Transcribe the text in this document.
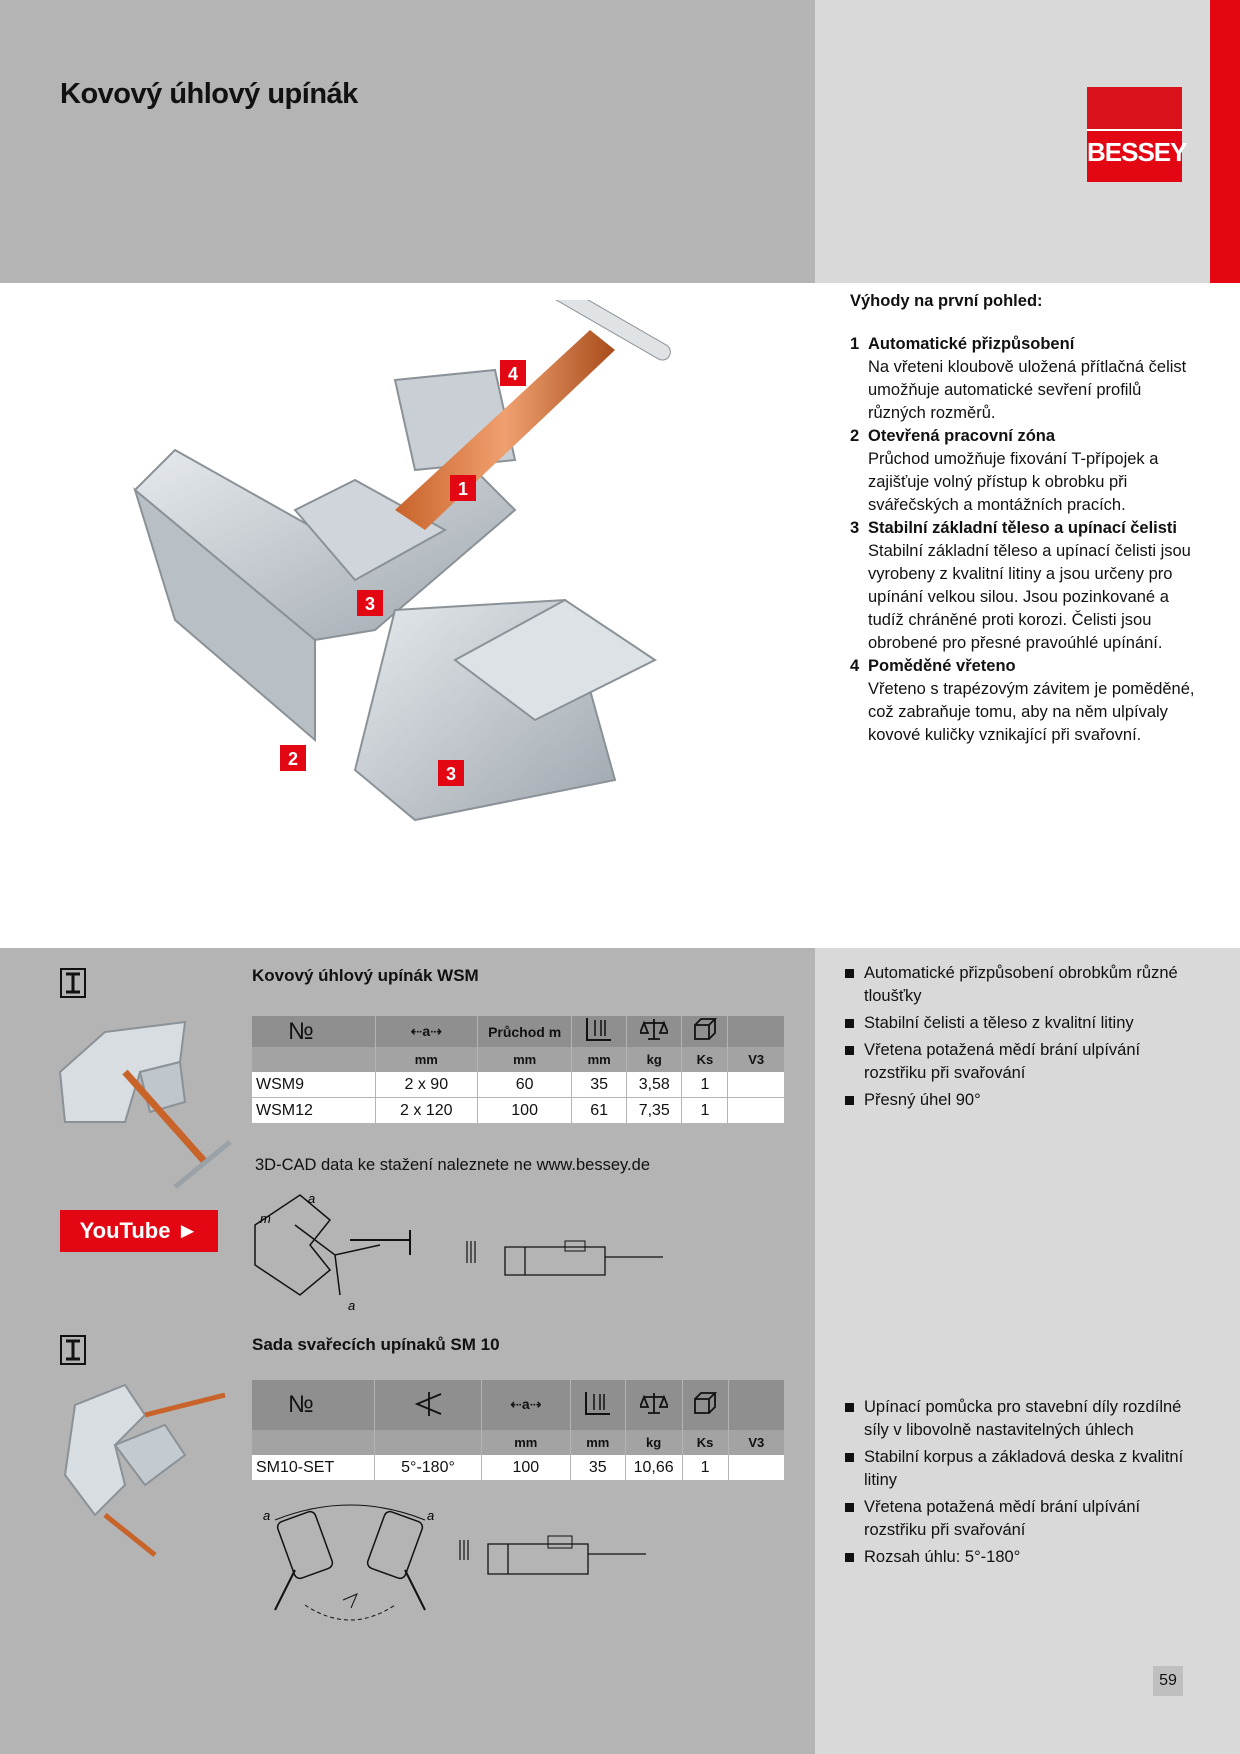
Kovový úhlový upínák
BESSEY
4
1
3
2
3
Výhody na první pohled:
1 Automatické přizpůsobení
Na vřeteni kloubově uložená přítlačná čelist umožňuje automatické sevření profilů různých rozměrů.
2 Otevřená pracovní zóna
Průchod umožňuje fixování T-přípojek a zajišťuje volný přístup k obrobku při svářečských a montážních pracích.
3 Stabilní základní těleso a upínací čelisti
Stabilní základní těleso a upínací čelisti jsou vyrobeny z kvalitní litiny a jsou určeny pro upínání velkou silou. Jsou pozinkované a tudíž chráněné proti korozi. Čelisti jsou obrobené pro přesné pravoúhlé upínání.
4 Poměděné vřeteno
Vřeteno s trapézovým závitem je poměděné, což zabraňuje tomu, aby na něm ulpívaly kovové kuličky vznikající při svařovní.
Kovový úhlový upínák WSM
№	⇠a⇢	Průchod m				
	mm	mm	mm	kg	Ks	V3
WSM9	2 x 90	60	35	3,58	1	
WSM12	2 x 120	100	61	7,35	1	
3D-CAD data ke stažení naleznete ne www.bessey.de
Automatické přizpůsobení obrobkům různé tloušťky
Stabilní čelisti a těleso z kvalitní litiny
Vřetena potažená mědí brání ulpívání rozstřiku při svařování
Přesný úhel 90°
YouTube ►
a
m
a
Sada svařecích upínaků SM 10
№		⇠a⇢				
		mm	mm	kg	Ks	V3
SM10-SET	5°-180°	100	35	10,66	1	
Upínací pomůcka pro stavební díly rozdílné síly v libovolně nastavitelných úhlech
Stabilní korpus a základová deska z kvalitní litiny
Vřetena potažená mědí brání ulpívání rozstřiku při svařování
Rozsah úhlu: 5°-180°
a	a
59
